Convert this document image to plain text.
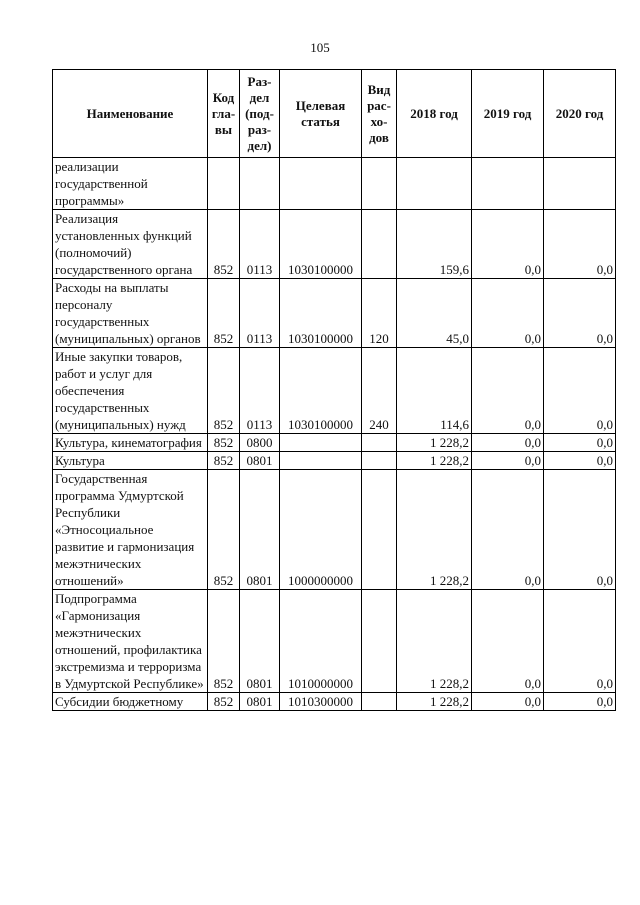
105
Наименование	Код гла- вы	Раз- дел (под- раз- дел)	Целевая статья	Вид рас- хо- дов	2018 год	2019 год	2020 год
реализации государственной программы»							
Реализация установленных функций (полномочий) государственного органа	852	0113	1030100000		159,6	0,0	0,0
Расходы на выплаты персоналу государственных (муниципальных) органов	852	0113	1030100000	120	45,0	0,0	0,0
Иные закупки товаров, работ и услуг для обеспечения государственных (муниципальных) нужд	852	0113	1030100000	240	114,6	0,0	0,0
Культура, кинематография	852	0800			1 228,2	0,0	0,0
Культура	852	0801			1 228,2	0,0	0,0
Государственная программа Удмуртской Республики «Этносоциальное развитие и гармонизация межэтнических отношений»	852	0801	1000000000		1 228,2	0,0	0,0
Подпрограмма «Гармонизация межэтнических отношений, профилактика экстремизма и терроризма в Удмуртской Республике»	852	0801	1010000000		1 228,2	0,0	0,0
Субсидии бюджетному	852	0801	1010300000		1 228,2	0,0	0,0
